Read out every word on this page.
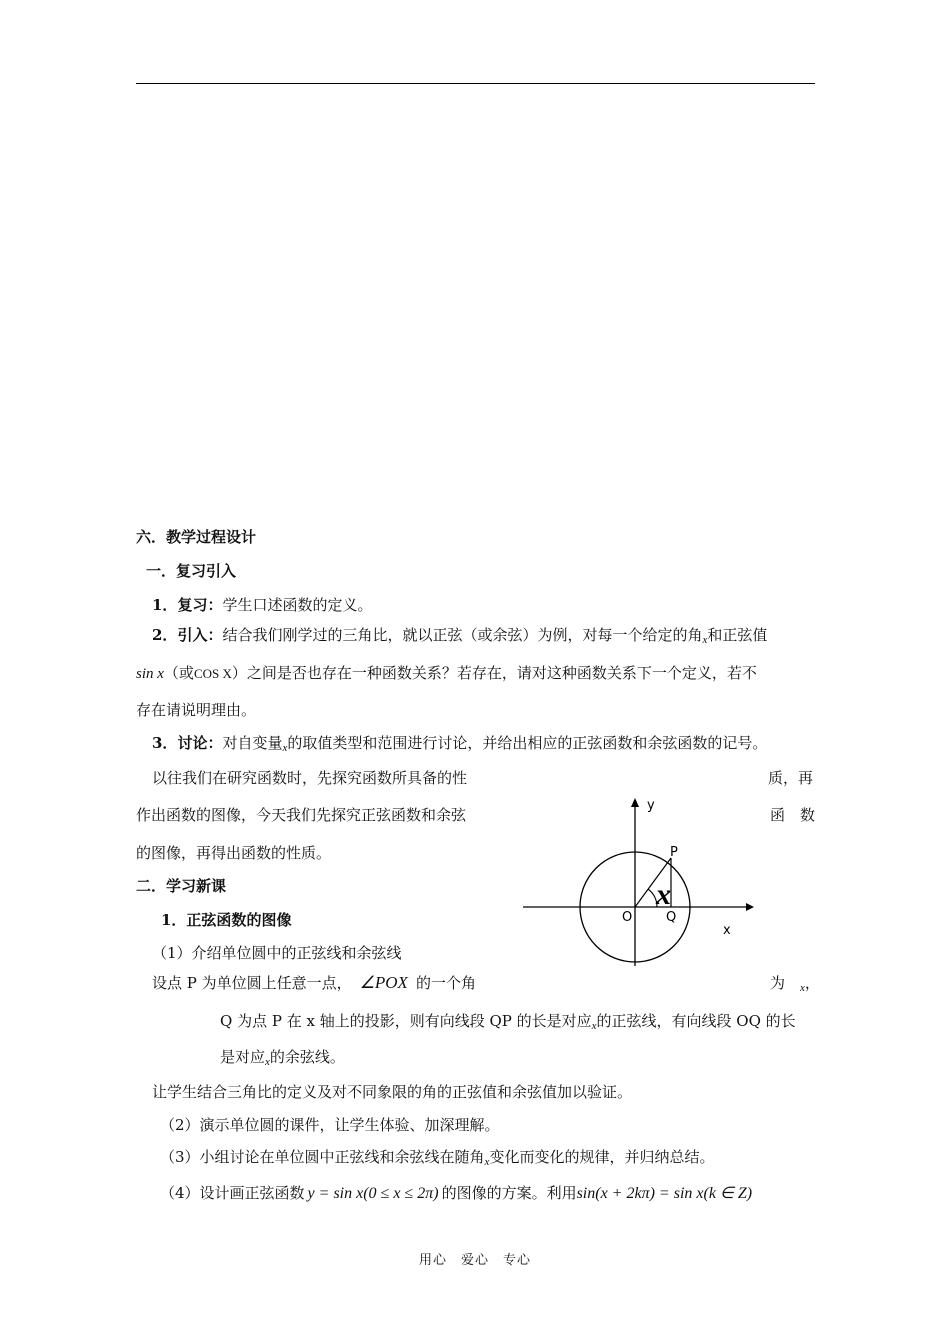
六．教学过程设计
一．复习引入
1．复习：学生口述函数的定义。
2．引入：结合我们刚学过的三角比，就以正弦（或余弦）为例，对每一个给定的角$_x$和正弦值
sin x（或COS X）之间是否也存在一种函数关系？若存在，请对这种函数关系下一个定义，若不
存在请说明理由。
3．讨论：对自变量$_x$的取值类型和范围进行讨论，并给出相应的正弦函数和余弦函数的记号。
以往我们在研究函数时，先探究函数所具备的性	质，再
作出函数的图像，今天我们先探究正弦函数和余弦	函 数
的图像，再得出函数的性质。
二．学习新课
1．正弦函数的图像
（1）介绍单位圆中的正弦线和余弦线
设点 P 为单位圆上任意一点， ∠POX 的一个角	为 $_x$，
Q 为点 P 在 x 轴上的投影，则有向线段 QP 的长是对应$_x$的正弦线，有向线段 OQ 的长
是对应$_x$的余弦线。
让学生结合三角比的定义及对不同象限的角的正弦值和余弦值加以验证。
（2）演示单位圆的课件，让学生体验、加深理解。
（3）小组讨论在单位圆中正弦线和余弦线在随角$_x$变化而变化的规律，并归纳总结。
（4）设计画正弦函数 y = sin x(0 ≤ x ≤ 2π) 的图像的方案。利用sin(x + 2kπ) = sin x(k ∈ Z)
y
x
P
O	Q
x
用心　爱心　专心
